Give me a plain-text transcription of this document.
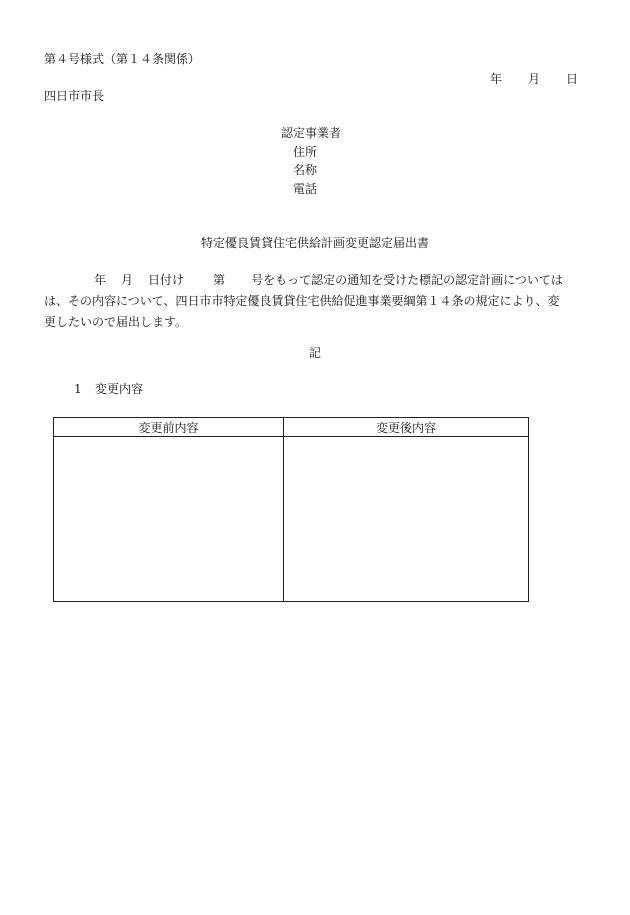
第４号様式（第１４条関係）
年 月 日
四日市市長
認定事業者
住所
名称
電話
特定優良賃貸住宅供給計画変更認定届出書
年 月 日付け 第 号をもって認定の通知を受けた標記の認定計画については
は、その内容について、四日市市特定優良賃貸住宅供給促進事業要綱第１４条の規定により、変
更したいので届出します。
記
1 変更内容
変更前内容	変更後内容
